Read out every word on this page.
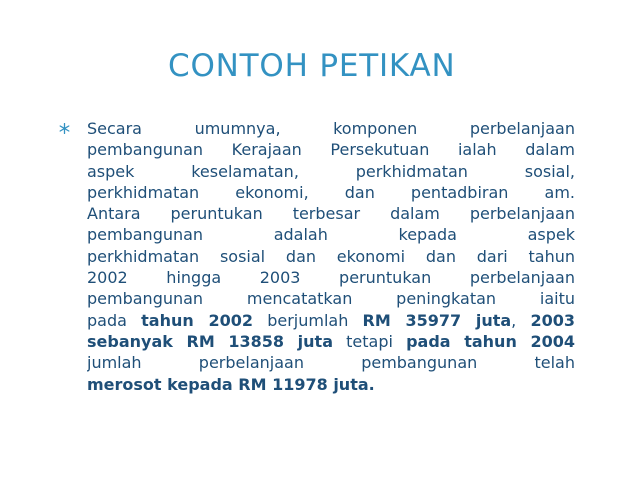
CONTOH PETIKAN
Secara umumnya, komponen perbelanjaan
pembangunan Kerajaan Persekutuan ialah dalam
aspek keselamatan, perkhidmatan sosial,
perkhidmatan ekonomi, dan pentadbiran am.
Antara peruntukan terbesar dalam perbelanjaan
pembangunan adalah kepada aspek
perkhidmatan sosial dan ekonomi dan dari tahun
2002 hingga 2003 peruntukan perbelanjaan
pembangunan mencatatkan peningkatan iaitu
pada tahun 2002 berjumlah RM 35977 juta, 2003
sebanyak RM 13858 juta tetapi pada tahun 2004
jumlah perbelanjaan pembangunan telah
merosot kepada RM 11978 juta.
